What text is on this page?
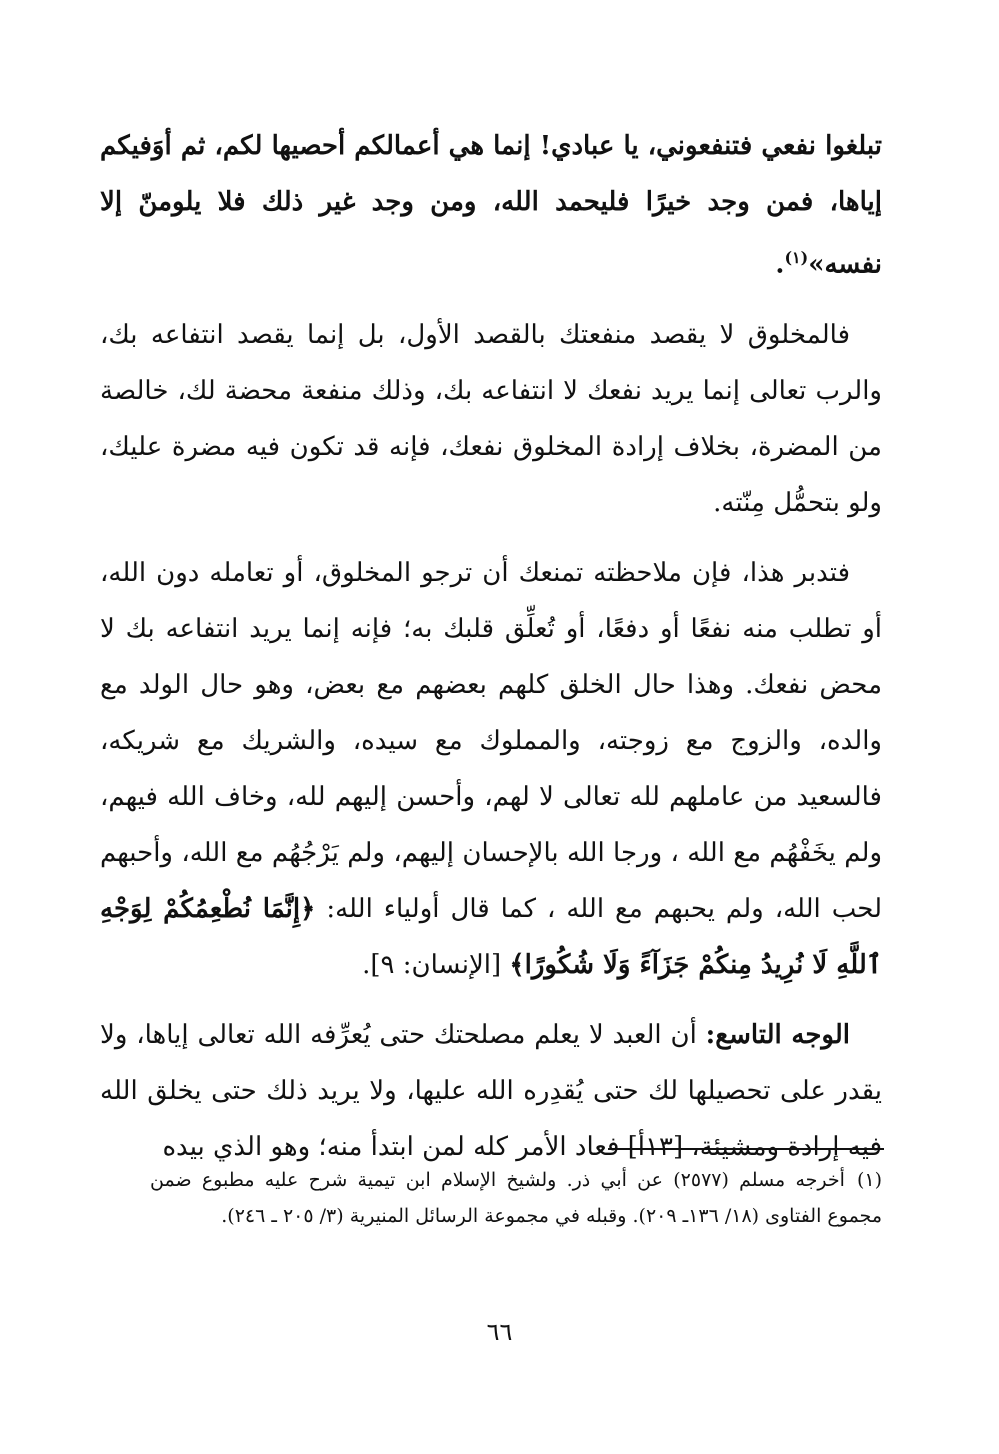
تبلغوا نفعي فتنفعوني، يا عبادي! إنما هي أعمالكم أحصيها لكم، ثم أوَفيكم إياها، فمن وجد خيرًا فليحمد الله، ومن وجد غير ذلك فلا يلومنّ إلا نفسه»$^{(١)}$.

فالمخلوق لا يقصد منفعتك بالقصد الأول، بل إنما يقصد انتفاعه بك، والرب تعالى إنما يريد نفعك لا انتفاعه بك، وذلك منفعة محضة لك، خالصة من المضرة، بخلاف إرادة المخلوق نفعك، فإنه قد تكون فيه مضرة عليك، ولو بتحمُّل مِنّته.

فتدبر هذا، فإن ملاحظته تمنعك أن ترجو المخلوق، أو تعامله دون الله، أو تطلب منه نفعًا أو دفعًا، أو تُعلِّق قلبك به؛ فإنه إنما يريد انتفاعه بك لا محض نفعك. وهذا حال الخلق كلهم بعضهم مع بعض، وهو حال الولد مع والده، والزوج مع زوجته، والمملوك مع سيده، والشريك مع شريكه، فالسعيد من عاملهم لله تعالى لا لهم، وأحسن إليهم لله، وخاف الله فيهم، ولم يخَفْهُم مع الله ، ورجا الله بالإحسان إليهم، ولم يَرْجُهُم مع الله، وأحبهم لحب الله، ولم يحبهم مع الله ، كما قال أولياء الله: ﴿إِنَّمَا نُطْعِمُكُمْ لِوَجْهِ ٱللَّهِ لَا نُرِيدُ مِنكُمْ جَزَآءً وَلَا شُكُورًا﴾ [الإنسان: ٩].

الوجه التاسع: أن العبد لا يعلم مصلحتك حتى يُعرِّفه الله تعالى إياها، ولا يقدر على تحصيلها لك حتى يُقدِره الله عليها، ولا يريد ذلك حتى يخلق الله فيه إرادة ومشيئة، [١٣أ] فعاد الأمر كله لمن ابتدأ منه؛ وهو الذي بيده

(١)أخرجه مسلم (٢٥٧٧) عن أبي ذر. ولشيخ الإسلام ابن تيمية شرح عليه مطبوع ضمن مجموع الفتاوى (١٨/ ١٣٦ـ ٢٠٩). وقبله في مجموعة الرسائل المنيرية (٣/ ٢٠٥ ـ ٢٤٦).
٦٦
